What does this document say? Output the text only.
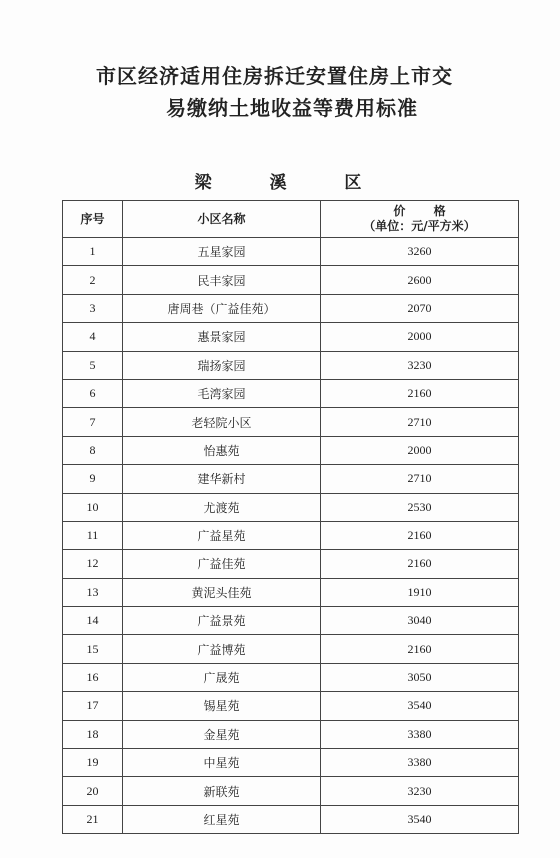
市区经济适用住房拆迁安置住房上市交
易缴纳土地收益等费用标准
梁 溪 区
序号	小区名称	价 格
（单位：元/平方米）

1	五星家园	3260
2	民丰家园	2600
3	唐周巷（广益佳苑）	2070
4	惠景家园	2000
5	瑞扬家园	3230
6	毛湾家园	2160
7	老轻院小区	2710
8	怡惠苑	2000
9	建华新村	2710
10	尤渡苑	2530
11	广益星苑	2160
12	广益佳苑	2160
13	黄泥头佳苑	1910
14	广益景苑	3040
15	广益博苑	2160
16	广晟苑	3050
17	锡星苑	3540
18	金星苑	3380
19	中星苑	3380
20	新联苑	3230
21	红星苑	3540
